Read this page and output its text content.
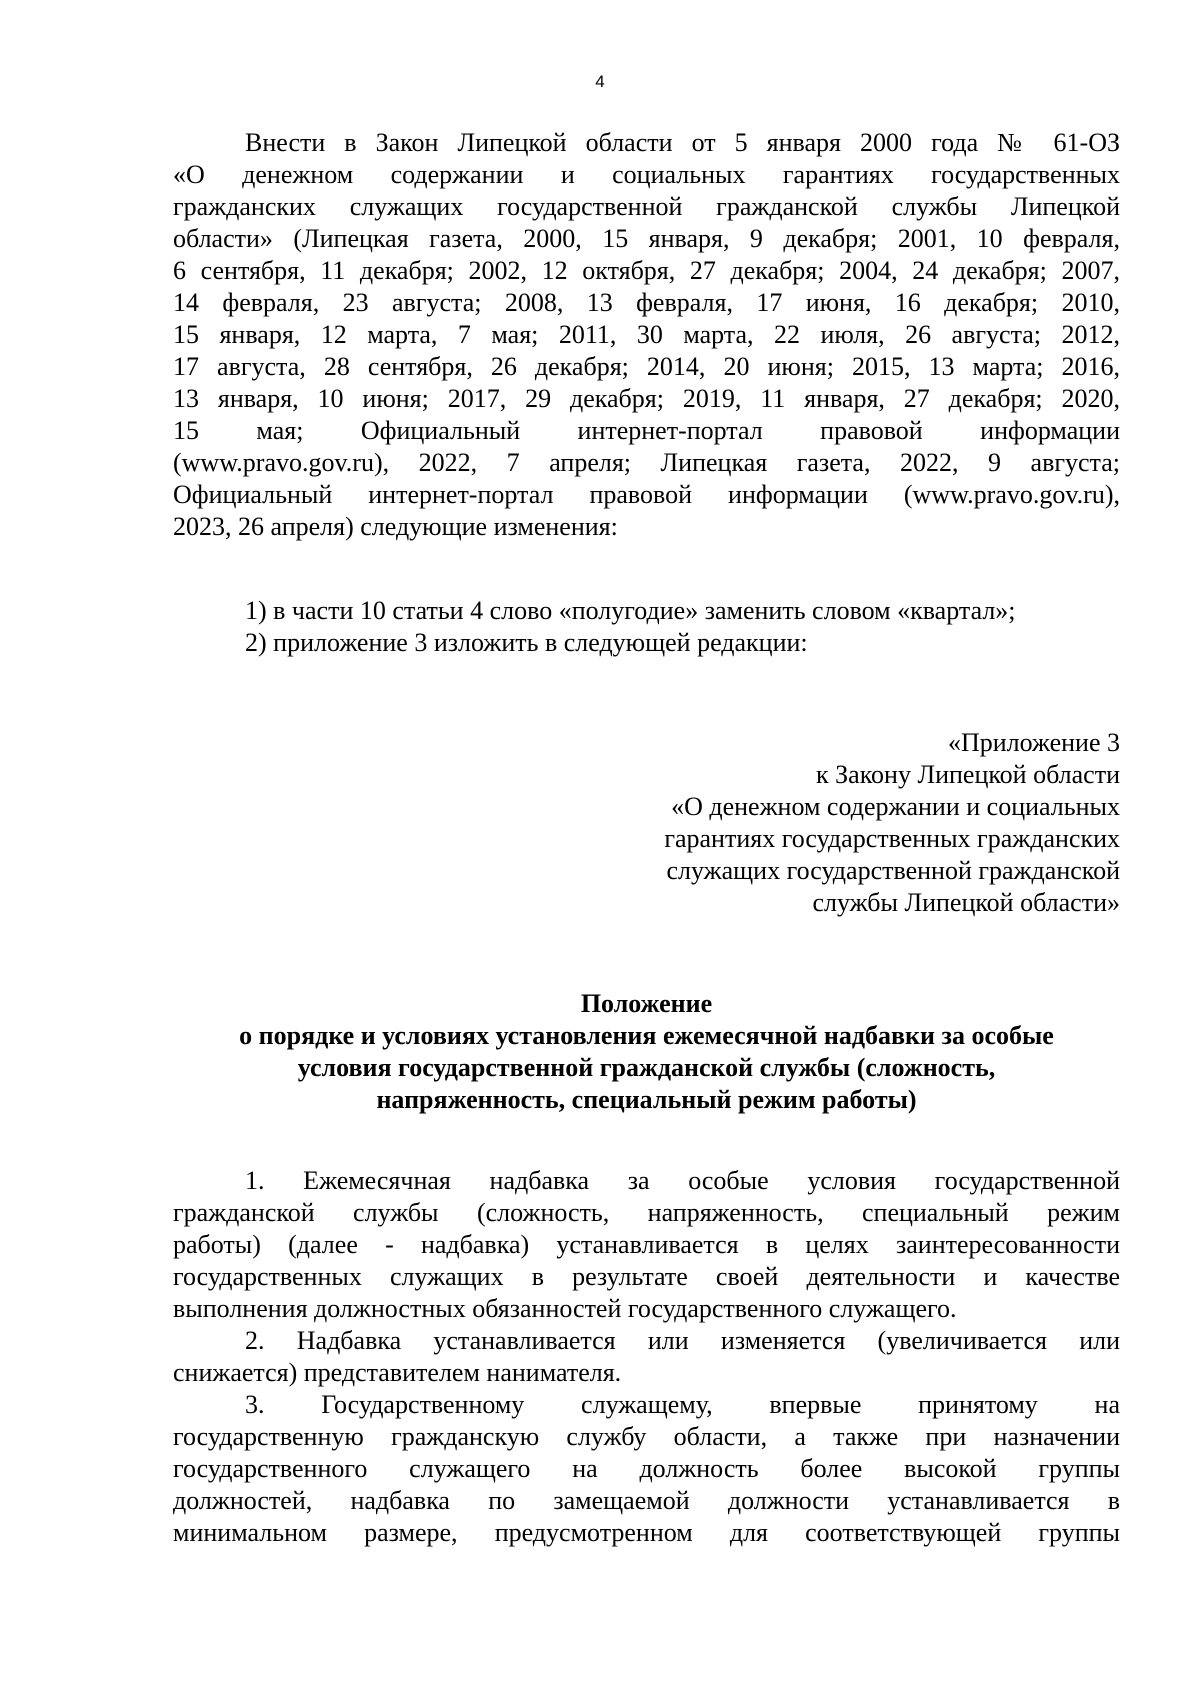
4

Внести в Закон Липецкой области от 5 января 2000 года № 61-ОЗ

«О денежном содержании и социальных гарантиях государственных

гражданских служащих государственной гражданской службы Липецкой

области» (Липецкая газета, 2000, 15 января, 9 декабря; 2001, 10 февраля,

6 сентября, 11 декабря; 2002, 12 октября, 27 декабря; 2004, 24 декабря; 2007,

14 февраля, 23 августа; 2008, 13 февраля, 17 июня, 16 декабря; 2010,

15 января, 12 марта, 7 мая; 2011, 30 марта, 22 июля, 26 августа; 2012,

17 августа, 28 сентября, 26 декабря; 2014, 20 июня; 2015, 13 марта; 2016,

13 января, 10 июня; 2017, 29 декабря; 2019, 11 января, 27 декабря; 2020,

15 мая; Официальный интернет-портал правовой информации

(www.pravo.gov.ru), 2022, 7 апреля; Липецкая газета, 2022, 9 августа;

Официальный интернет-портал правовой информации (www.pravo.gov.ru),

2023, 26 апреля) следующие изменения:

1) в части 10 статьи 4 слово «полугодие» заменить словом «квартал»;

2) приложение 3 изложить в следующей редакции:

«Приложение 3

к Закону Липецкой области

«О денежном содержании и социальных

гарантиях государственных гражданских

служащих государственной гражданской

службы Липецкой области»

Положение

о порядке и условиях установления ежемесячной надбавки за особые

условия государственной гражданской службы (сложность,

напряженность, специальный режим работы)

1. Ежемесячная надбавка за особые условия государственной

гражданской службы (сложность, напряженность, специальный режим

работы) (далее - надбавка) устанавливается в целях заинтересованности

государственных служащих в результате своей деятельности и качестве

выполнения должностных обязанностей государственного служащего.

2. Надбавка устанавливается или изменяется (увеличивается или

снижается) представителем нанимателя.

3. Государственному служащему, впервые принятому на

государственную гражданскую службу области, а также при назначении

государственного служащего на должность более высокой группы

должностей, надбавка по замещаемой должности устанавливается в

минимальном размере, предусмотренном для соответствующей группы
